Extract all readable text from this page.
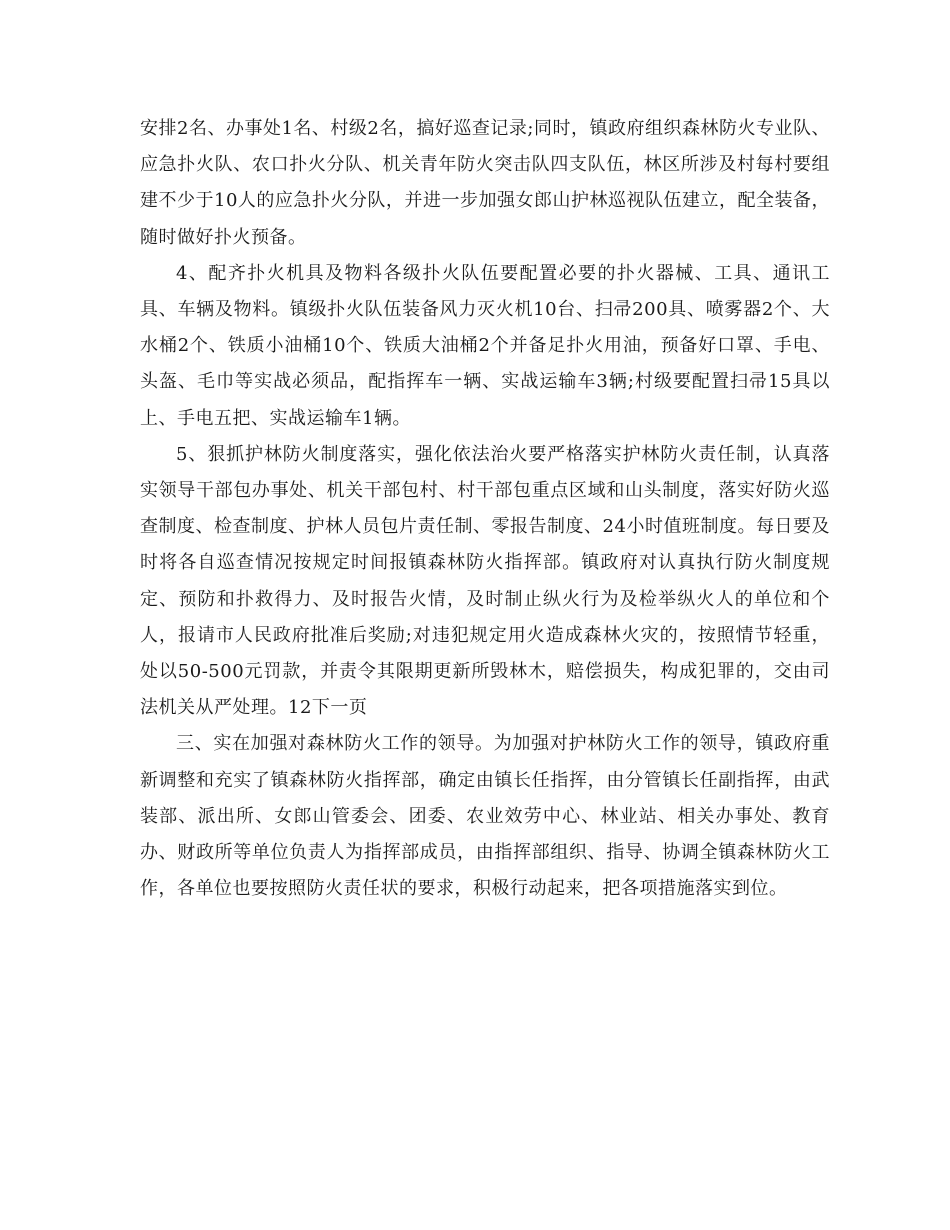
安排2名、办事处1名、村级2名，搞好巡查记录;同时，镇政府组织森林防火专业队、应急扑火队、农口扑火分队、机关青年防火突击队四支队伍，林区所涉及村每村要组建不少于10人的应急扑火分队，并进一步加强女郎山护林巡视队伍建立，配全装备，随时做好扑火预备。

4、配齐扑火机具及物料各级扑火队伍要配置必要的扑火器械、工具、通讯工具、车辆及物料。镇级扑火队伍装备风力灭火机10台、扫帚200具、喷雾器2个、大水桶2个、铁质小油桶10个、铁质大油桶2个并备足扑火用油，预备好口罩、手电、头盔、毛巾等实战必须品，配指挥车一辆、实战运输车3辆;村级要配置扫帚15具以上、手电五把、实战运输车1辆。

5、狠抓护林防火制度落实，强化依法治火要严格落实护林防火责任制，认真落实领导干部包办事处、机关干部包村、村干部包重点区域和山头制度，落实好防火巡查制度、检查制度、护林人员包片责任制、零报告制度、24小时值班制度。每日要及时将各自巡查情况按规定时间报镇森林防火指挥部。镇政府对认真执行防火制度规定、预防和扑救得力、及时报告火情，及时制止纵火行为及检举纵火人的单位和个人，报请市人民政府批准后奖励;对违犯规定用火造成森林火灾的，按照情节轻重，处以50-500元罚款，并责令其限期更新所毁林木，赔偿损失，构成犯罪的，交由司法机关从严处理。12下一页

三、实在加强对森林防火工作的领导。为加强对护林防火工作的领导，镇政府重新调整和充实了镇森林防火指挥部，确定由镇长任指挥，由分管镇长任副指挥，由武装部、派出所、女郎山管委会、团委、农业效劳中心、林业站、相关办事处、教育办、财政所等单位负责人为指挥部成员，由指挥部组织、指导、协调全镇森林防火工作，各单位也要按照防火责任状的要求，积极行动起来，把各项措施落实到位。
